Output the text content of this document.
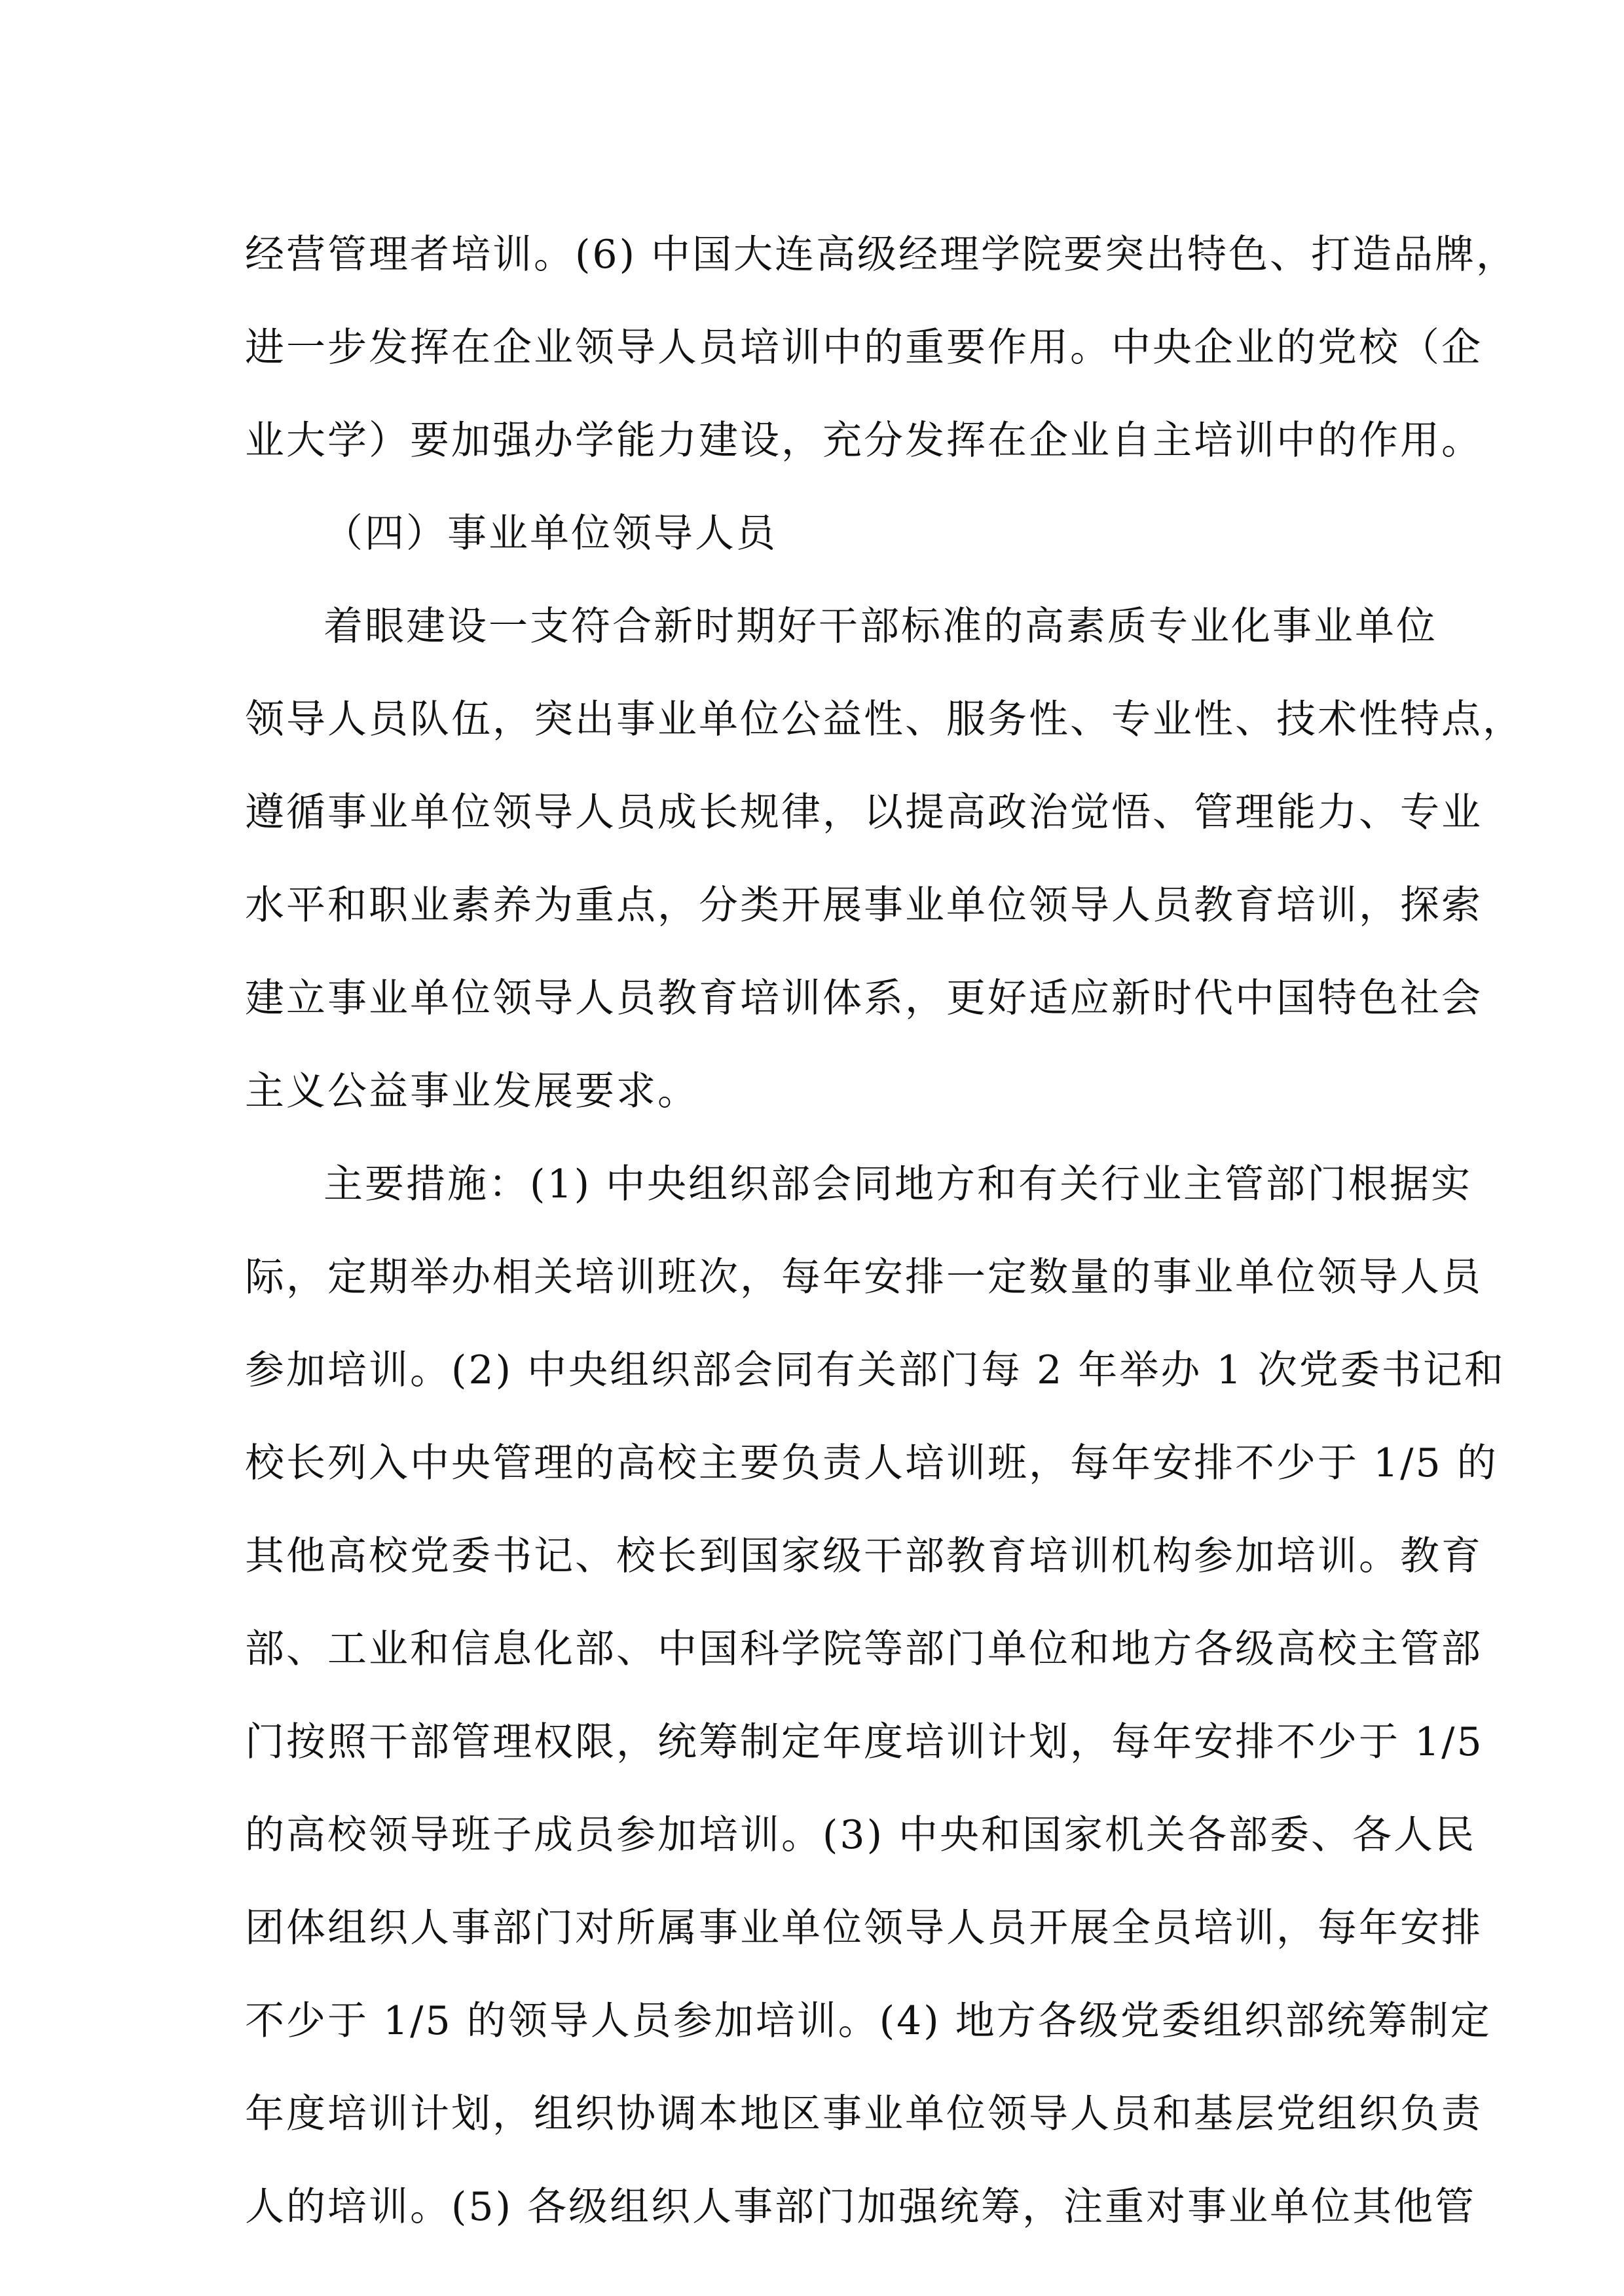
经营管理者培训。(6) 中国大连高级经理学院要突出特色、打造品牌，
进一步发挥在企业领导人员培训中的重要作用。中央企业的党校（企
业大学）要加强办学能力建设，充分发挥在企业自主培训中的作用。
（四）事业单位领导人员
着眼建设一支符合新时期好干部标准的高素质专业化事业单位
领导人员队伍，突出事业单位公益性、服务性、专业性、技术性特点，
遵循事业单位领导人员成长规律，以提高政治觉悟、管理能力、专业
水平和职业素养为重点，分类开展事业单位领导人员教育培训，探索
建立事业单位领导人员教育培训体系，更好适应新时代中国特色社会
主义公益事业发展要求。
主要措施：(1) 中央组织部会同地方和有关行业主管部门根据实
际，定期举办相关培训班次，每年安排一定数量的事业单位领导人员
参加培训。(2) 中央组织部会同有关部门每 2 年举办 1 次党委书记和
校长列入中央管理的高校主要负责人培训班，每年安排不少于 1/5 的
其他高校党委书记、校长到国家级干部教育培训机构参加培训。教育
部、工业和信息化部、中国科学院等部门单位和地方各级高校主管部
门按照干部管理权限，统筹制定年度培训计划，每年安排不少于 1/5
的高校领导班子成员参加培训。(3) 中央和国家机关各部委、各人民
团体组织人事部门对所属事业单位领导人员开展全员培训，每年安排
不少于 1/5 的领导人员参加培训。(4) 地方各级党委组织部统筹制定
年度培训计划，组织协调本地区事业单位领导人员和基层党组织负责
人的培训。(5) 各级组织人事部门加强统筹，注重对事业单位其他管
